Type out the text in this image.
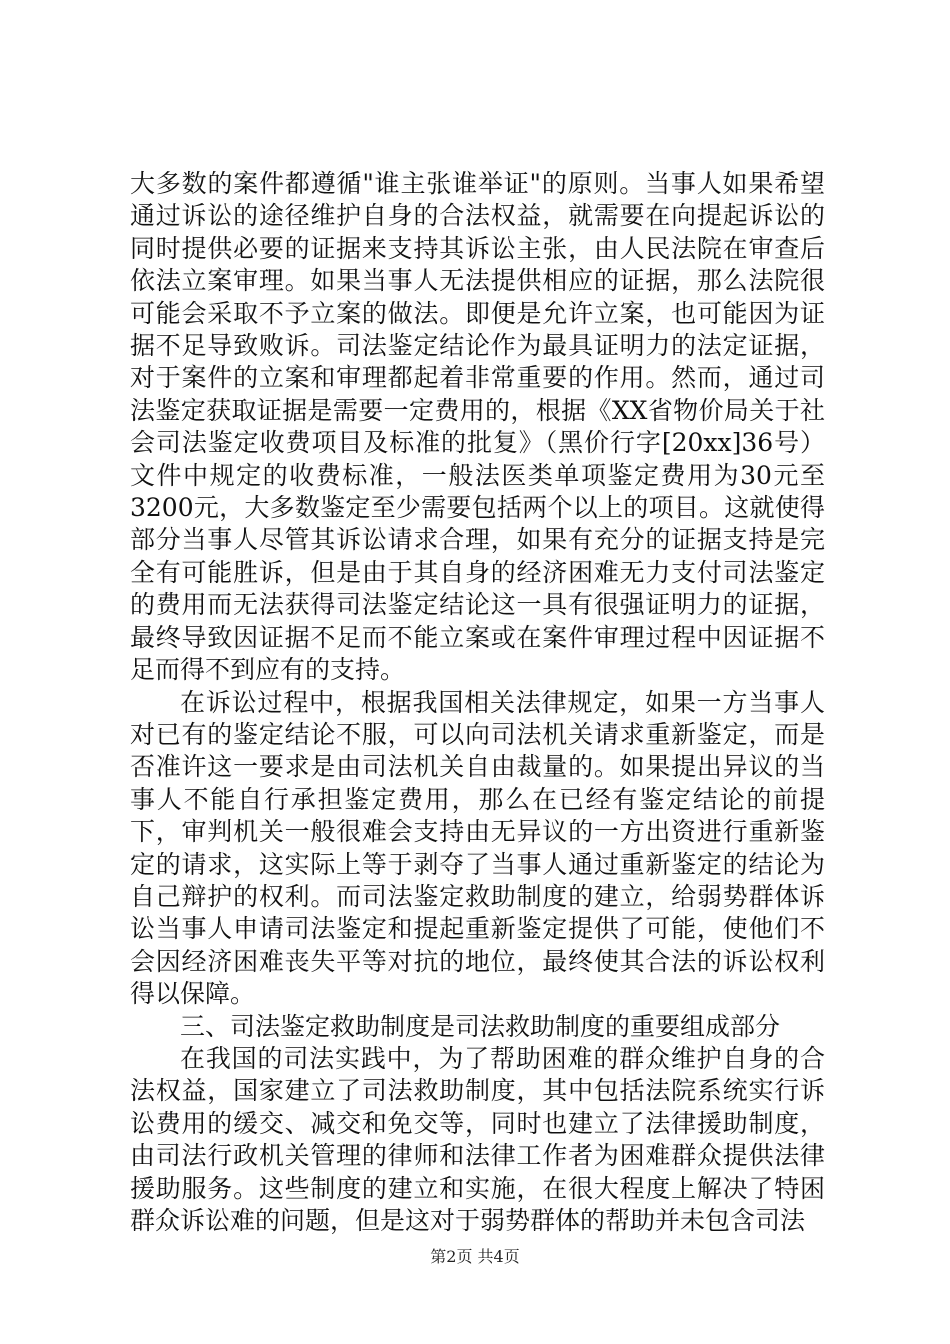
大多数的案件都遵循"谁主张谁举证"的原则。当事人如果希望通过诉讼的途径维护自身的合法权益，就需要在向提起诉讼的同时提供必要的证据来支持其诉讼主张，由人民法院在审查后依法立案审理。如果当事人无法提供相应的证据，那么法院很可能会采取不予立案的做法。即便是允许立案，也可能因为证据不足导致败诉。司法鉴定结论作为最具证明力的法定证据，对于案件的立案和审理都起着非常重要的作用。然而，通过司法鉴定获取证据是需要一定费用的，根据《XX省物价局关于社会司法鉴定收费项目及标准的批复》（黑价行字[20xx]36号）文件中规定的收费标准，一般法医类单项鉴定费用为30元至3200元，大多数鉴定至少需要包括两个以上的项目。这就使得部分当事人尽管其诉讼请求合理，如果有充分的证据支持是完全有可能胜诉，但是由于其自身的经济困难无力支付司法鉴定的费用而无法获得司法鉴定结论这一具有很强证明力的证据，最终导致因证据不足而不能立案或在案件审理过程中因证据不足而得不到应有的支持。

在诉讼过程中，根据我国相关法律规定，如果一方当事人对已有的鉴定结论不服，可以向司法机关请求重新鉴定，而是否准许这一要求是由司法机关自由裁量的。如果提出异议的当事人不能自行承担鉴定费用，那么在已经有鉴定结论的前提下，审判机关一般很难会支持由无异议的一方出资进行重新鉴定的请求，这实际上等于剥夺了当事人通过重新鉴定的结论为自己辩护的权利。而司法鉴定救助制度的建立，给弱势群体诉讼当事人申请司法鉴定和提起重新鉴定提供了可能，使他们不会因经济困难丧失平等对抗的地位，最终使其合法的诉讼权利得以保障。

三、司法鉴定救助制度是司法救助制度的重要组成部分

在我国的司法实践中，为了帮助困难的群众维护自身的合法权益，国家建立了司法救助制度，其中包括法院系统实行诉讼费用的缓交、减交和免交等，同时也建立了法律援助制度，由司法行政机关管理的律师和法律工作者为困难群众提供法律援助服务。这些制度的建立和实施，在很大程度上解决了特困群众诉讼难的问题，但是这对于弱势群体的帮助并未包含司法

第2页 共4页
